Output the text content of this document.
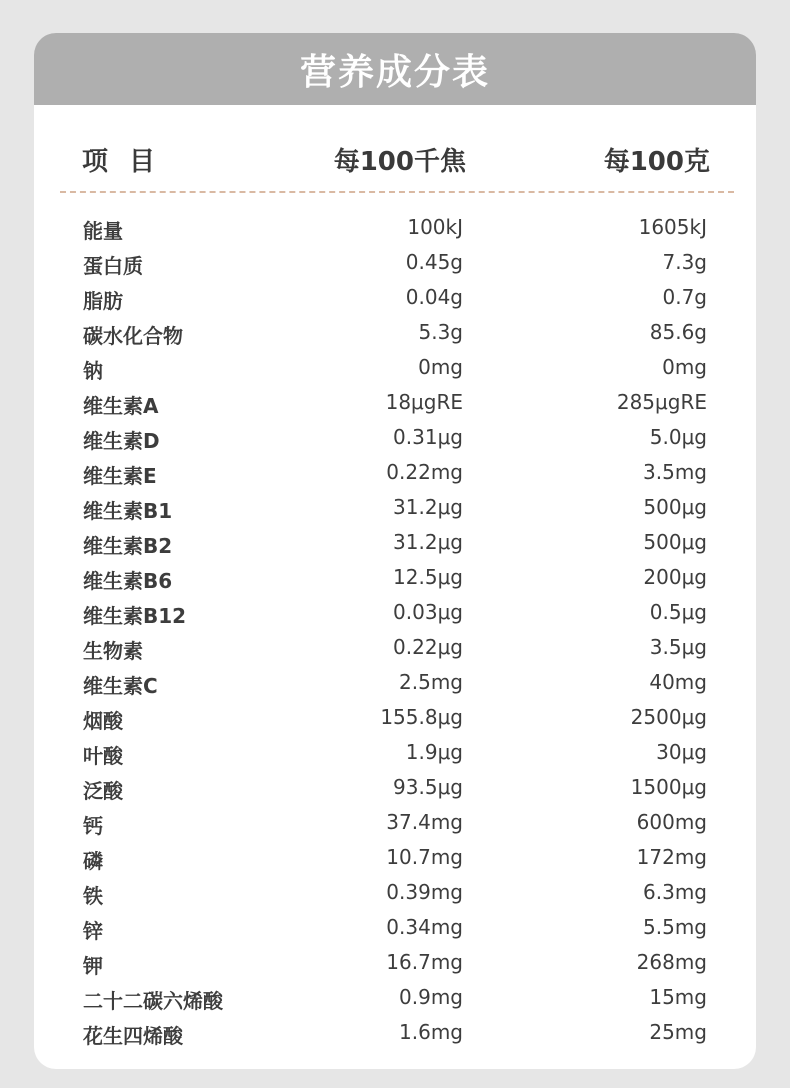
营养成分表
项 目	每100千焦	每100克
能量	100kJ	1605kJ
蛋白质	0.45g	7.3g
脂肪	0.04g	0.7g
碳水化合物	5.3g	85.6g
钠	0mg	0mg
维生素A	18μgRE	285μgRE
维生素D	0.31μg	5.0μg
维生素E	0.22mg	3.5mg
维生素B1	31.2μg	500μg
维生素B2	31.2μg	500μg
维生素B6	12.5μg	200μg
维生素B12	0.03μg	0.5μg
生物素	0.22μg	3.5μg
维生素C	2.5mg	40mg
烟酸	155.8μg	2500μg
叶酸	1.9μg	30μg
泛酸	93.5μg	1500μg
钙	37.4mg	600mg
磷	10.7mg	172mg
铁	0.39mg	6.3mg
锌	0.34mg	5.5mg
钾	16.7mg	268mg
二十二碳六烯酸	0.9mg	15mg
花生四烯酸	1.6mg	25mg
